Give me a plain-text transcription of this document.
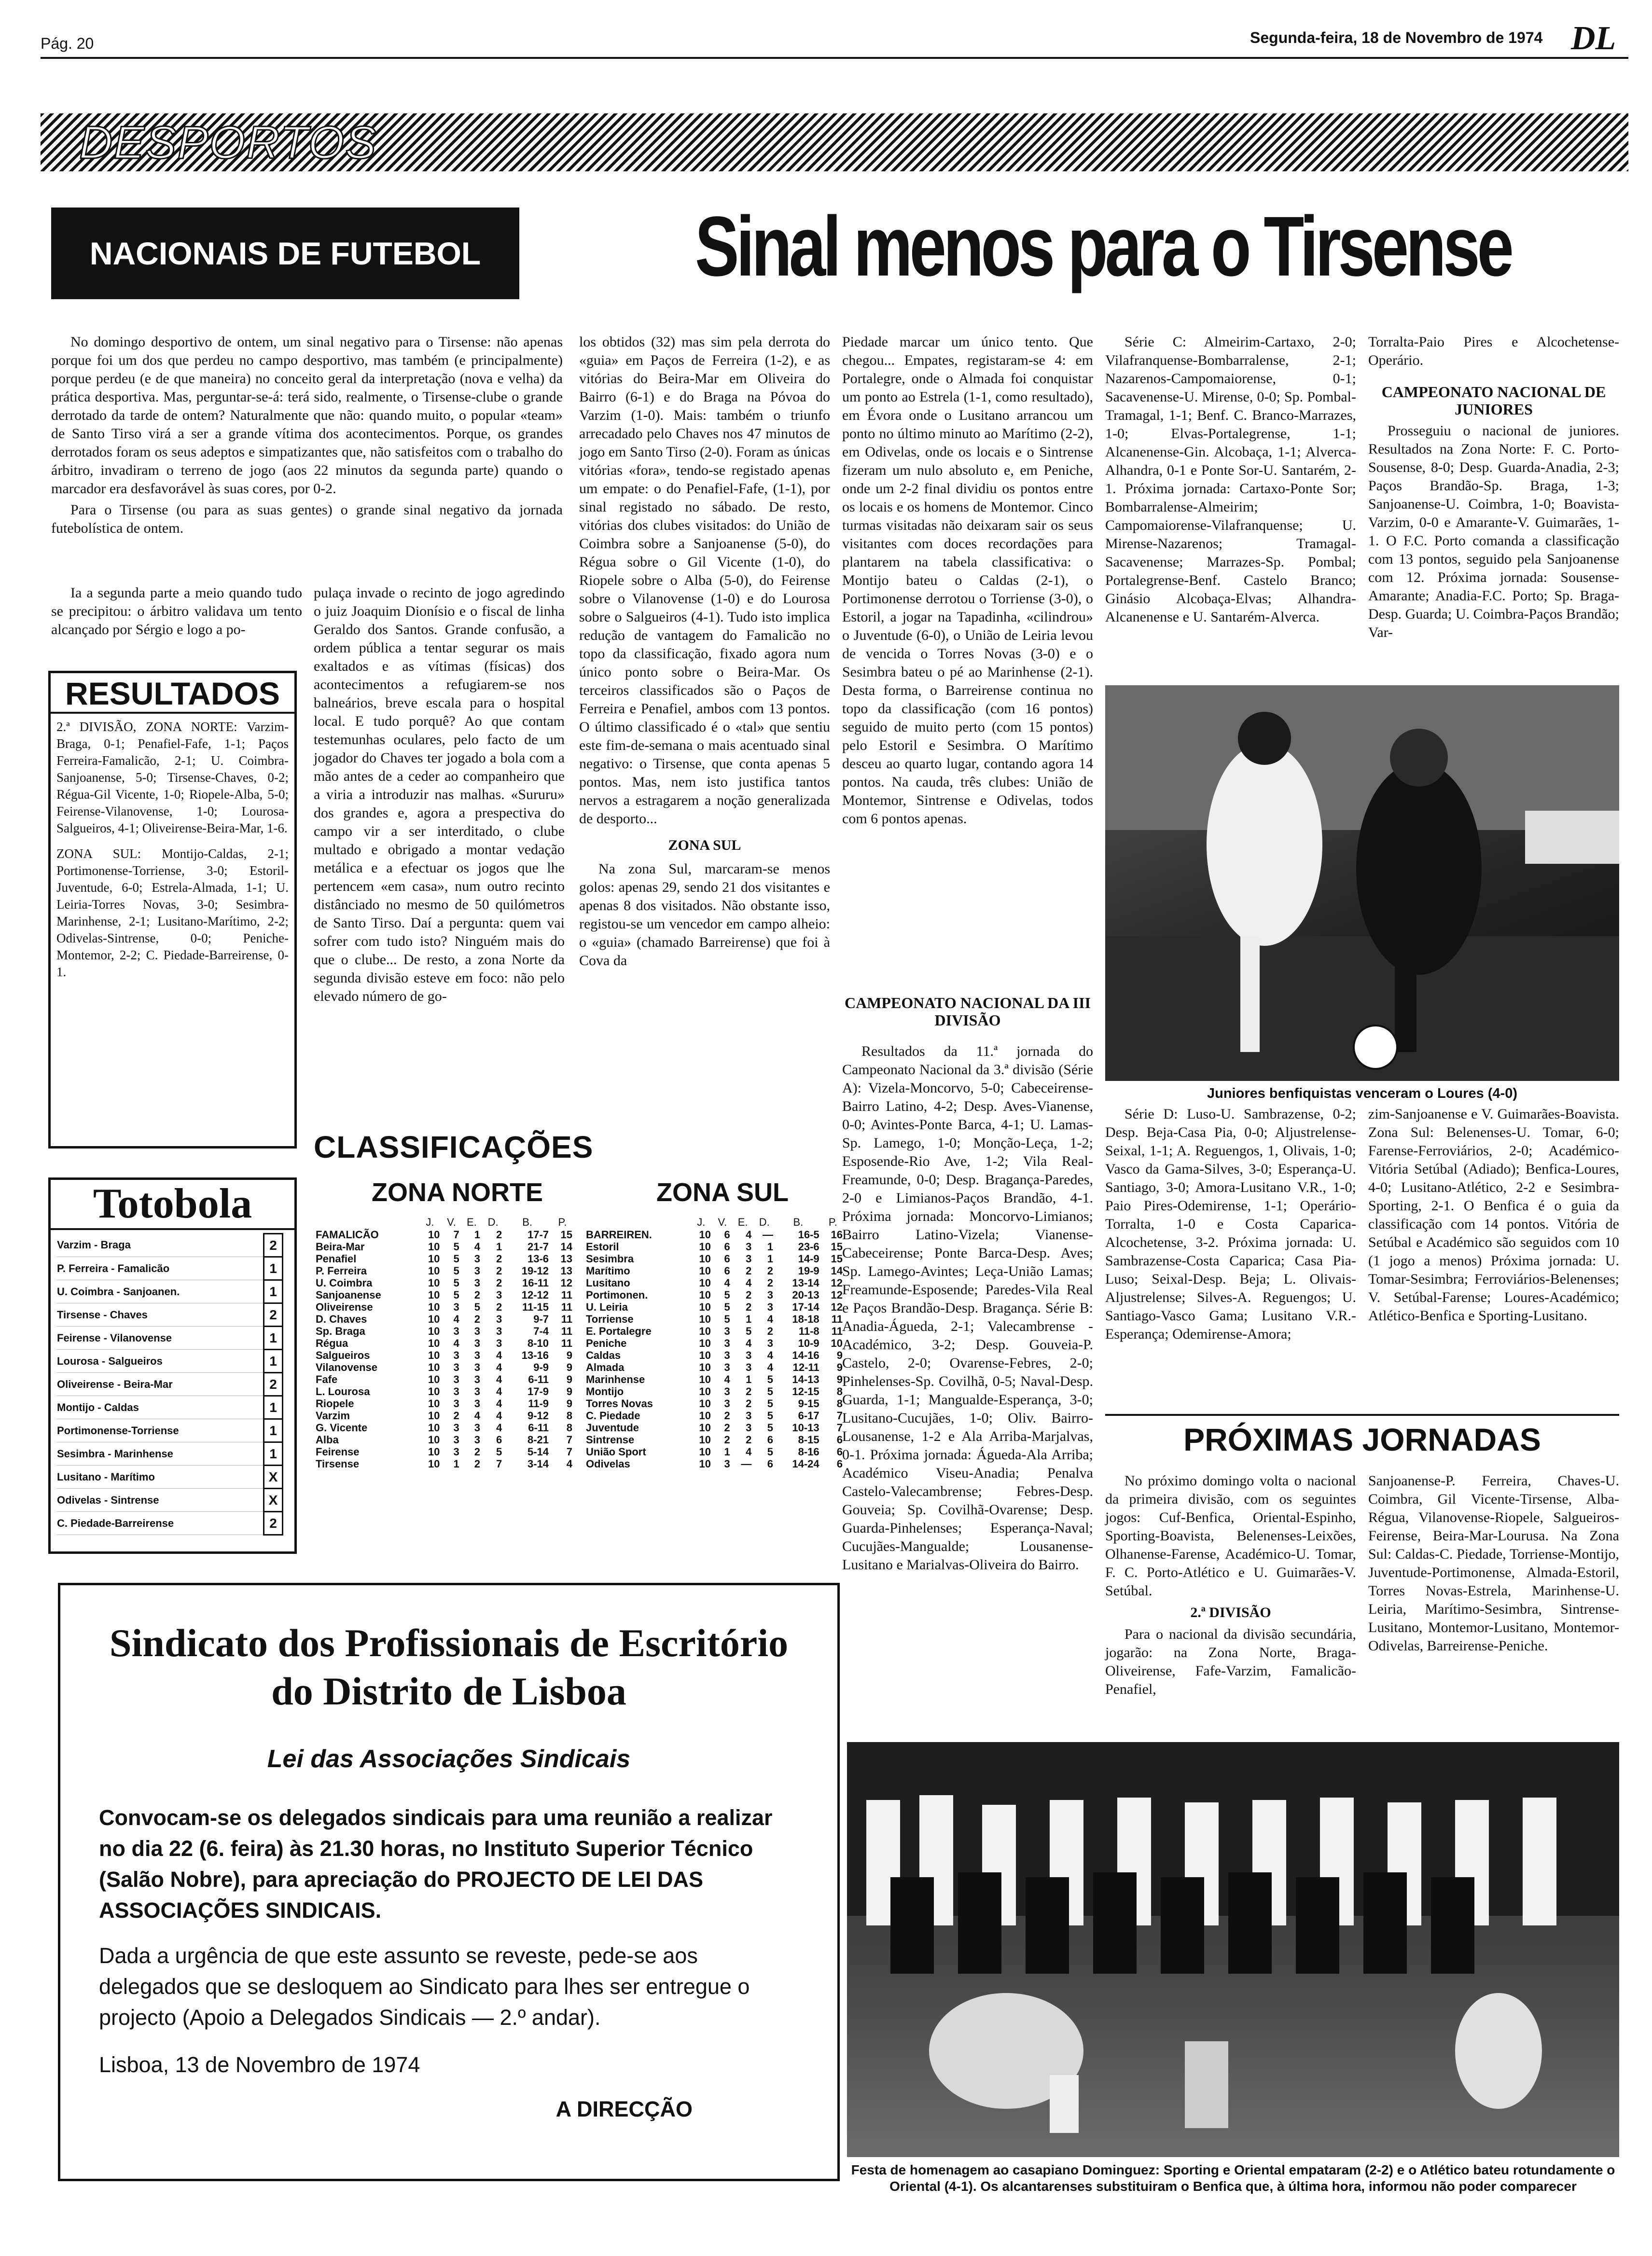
Pág. 20	Segunda-feira, 18 de Novembro de 1974 DL
DESPORTOS
NACIONAIS DE FUTEBOL	Sinal menos para o Tirsense

No domingo desportivo de ontem, um sinal negativo para o Tirsense: não apenas porque foi um dos que perdeu no campo desportivo, mas também (e principalmente) porque perdeu (e de que maneira) no conceito geral da interpretação (nova e velha) da prática desportiva. Mas, perguntar-se-á: terá sido, realmente, o Tirsense-clube o grande derrotado da tarde de ontem? Naturalmente que não: quando muito, o popular «team» de Santo Tirso virá a ser a grande vítima dos acontecimentos. Porque, os grandes derrotados foram os seus adeptos e simpatizantes que, não satisfeitos com o trabalho do árbitro, invadiram o terreno de jogo (aos 22 minutos da segunda parte) quando o marcador era desfavorável às suas cores, por 0-2.

Para o Tirsense (ou para as suas gentes) o grande sinal negativo da jornada futebolística de ontem.

Ia a segunda parte a meio quando tudo se precipitou: o árbitro validava um tento alcançado por Sérgio e logo a po-

RESULTADOS
2.ª DIVISÃO, ZONA NORTE: Varzim-Braga, 0-1; Penafiel-Fafe, 1-1; Paços Ferreira-Famalicão, 2-1; U. Coimbra-Sanjoanense, 5-0; Tirsense-Chaves, 0-2; Régua-Gil Vicente, 1-0; Riopele-Alba, 5-0; Feirense-Vilanovense, 1-0; Lourosa-Salgueiros, 4-1; Oliveirense-Beira-Mar, 1-6.
ZONA SUL: Montijo-Caldas, 2-1; Portimonense-Torriense, 3-0; Estoril-Juventude, 6-0; Estrela-Almada, 1-1; U. Leiria-Torres Novas, 3-0; Sesimbra-Marinhense, 2-1; Lusitano-Marítimo, 2-2; Odivelas-Sintrense, 0-0; Peniche-Montemor, 2-2; C. Piedade-Barreirense, 0-1.

pulaça invade o recinto de jogo agredindo o juiz Joaquim Dionísio e o fiscal de linha Geraldo dos Santos. Grande confusão, a ordem pública a tentar segurar os mais exaltados e as vítimas (físicas) dos acontecimentos a refugiarem-se nos balneários, breve escala para o hospital local. E tudo porquê? Ao que contam testemunhas oculares, pelo facto de um jogador do Chaves ter jogado a bola com a mão antes de a ceder ao companheiro que a viria a introduzir nas malhas. «Sururu» dos grandes e, agora a prespectiva do campo vir a ser interditado, o clube multado e obrigado a montar vedação metálica e a efectuar os jogos que lhe pertencem «em casa», num outro recinto distânciado no mesmo de 50 quilómetros de Santo Tirso. Daí a pergunta: quem vai sofrer com tudo isto? Ninguém mais do que o clube... De resto, a zona Norte da segunda divisão esteve em foco: não pelo elevado número de go-

los obtidos (32) mas sim pela derrota do «guia» em Paços de Ferreira (1-2), e as vitórias do Beira-Mar em Oliveira do Bairro (6-1) e do Braga na Póvoa do Varzim (1-0). Mais: também o triunfo arrecadado pelo Chaves nos 47 minutos de jogo em Santo Tirso (2-0). Foram as únicas vitórias «fora», tendo-se registado apenas um empate: o do Penafiel-Fafe, (1-1), por sinal registado no sábado. De resto, vitórias dos clubes visitados: do União de Coimbra sobre a Sanjoanense (5-0), do Régua sobre o Gil Vicente (1-0), do Riopele sobre o Alba (5-0), do Feirense sobre o Vilanovense (1-0) e do Lourosa sobre o Salgueiros (4-1). Tudo isto implica redução de vantagem do Famalicão no topo da classificação, fixado agora num único ponto sobre o Beira-Mar. Os terceiros classificados são o Paços de Ferreira e Penafiel, ambos com 13 pontos. O último classificado é o «tal» que sentiu este fim-de-semana o mais acentuado sinal negativo: o Tirsense, que conta apenas 5 pontos. Mas, nem isto justifica tantos nervos a estragarem a noção generalizada de desporto...

ZONA SUL

Na zona Sul, marcaram-se menos golos: apenas 29, sendo 21 dos visitantes e apenas 8 dos visitados. Não obstante isso, registou-se um vencedor em campo alheio: o «guia» (chamado Barreirense) que foi à Cova da

Piedade marcar um único tento. Que chegou... Empates, registaram-se 4: em Portalegre, onde o Almada foi conquistar um ponto ao Estrela (1-1, como resultado), em Évora onde o Lusitano arrancou um ponto no último minuto ao Marítimo (2-2), em Odivelas, onde os locais e o Sintrense fizeram um nulo absoluto e, em Peniche, onde um 2-2 final dividiu os pontos entre os locais e os homens de Montemor. Cinco turmas visitadas não deixaram sair os seus visitantes com doces recordações para plantarem na tabela classificativa: o Montijo bateu o Caldas (2-1), o Portimonense derrotou o Torriense (3-0), o Estoril, a jogar na Tapadinha, «cilindrou» o Juventude (6-0), o União de Leiria levou de vencida o Torres Novas (3-0) e o Sesimbra bateu o pé ao Marinhense (2-1). Desta forma, o Barreirense continua no topo da classificação (com 16 pontos) seguido de muito perto (com 15 pontos) pelo Estoril e Sesimbra. O Marítimo desceu ao quarto lugar, contando agora 14 pontos. Na cauda, três clubes: União de Montemor, Sintrense e Odivelas, todos com 6 pontos apenas.

Série C: Almeirim-Cartaxo, 2-0; Vilafranquense-Bombarralense, 2-1; Nazarenos-Campomaiorense, 0-1; Sacavenense-U. Mirense, 0-0; Sp. Pombal-Tramagal, 1-1; Benf. C. Branco-Marrazes, 1-0; Elvas-Portalegrense, 1-1; Alcanenense-Gin. Alcobaça, 1-1; Alverca-Alhandra, 0-1 e Ponte Sor-U. Santarém, 2-1. Próxima jornada: Cartaxo-Ponte Sor; Bombarralense-Almeirim; Campomaiorense-Vilafranquense; U. Mirense-Nazarenos; Tramagal-Sacavenense; Marrazes-Sp. Pombal; Portalegrense-Benf. Castelo Branco; Ginásio Alcobaça-Elvas; Alhandra-Alcanenense e U. Santarém-Alverca.

Torralta-Paio Pires e Alcochetense-Operário.

CAMPEONATO NACIONAL DE JUNIORES

Prosseguiu o nacional de juniores. Resultados na Zona Norte: F. C. Porto-Sousense, 8-0; Desp. Guarda-Anadia, 2-3; Paços Brandão-Sp. Braga, 1-3; Sanjoanense-U. Coimbra, 1-0; Boavista-Varzim, 0-0 e Amarante-V. Guimarães, 1-1. O F.C. Porto comanda a classificação com 13 pontos, seguido pela Sanjoanense com 12. Próxima jornada: Sousense-Amarante; Anadia-F.C. Porto; Sp. Braga-Desp. Guarda; U. Coimbra-Paços Brandão; Var-

Juniores benfiquistas venceram o Loures (4-0)
CLASSIFICAÇÕES
ZONA NORTE	ZONA SUL
	J.	V.	E.	D.	B.	P.
FAMALICÃO	10	7	1	2	17-7	15
Beira-Mar	10	5	4	1	21-7	14
Penafiel	10	5	3	2	13-6	13
P. Ferreira	10	5	3	2	19-12	13
U. Coimbra	10	5	3	2	16-11	12
Sanjoanense	10	5	2	3	12-12	11
Oliveirense	10	3	5	2	11-15	11
D. Chaves	10	4	2	3	9-7	11
Sp. Braga	10	3	3	3	7-4	11
Régua	10	4	3	3	8-10	11
Salgueiros	10	3	3	4	13-16	9
Vilanovense	10	3	3	4	9-9	9
Fafe	10	3	3	4	6-11	9
L. Lourosa	10	3	3	4	17-9	9
Riopele	10	3	3	4	11-9	9
Varzim	10	2	4	4	9-12	8
G. Vicente	10	3	3	4	6-11	8
Alba	10	3	3	6	8-21	7
Feirense	10	3	2	5	5-14	7
Tirsense	10	1	2	7	3-14	4
	J.	V.	E.	D.	B.	P.
BARREIREN.	10	6	4	—	16-5	16
Estoril	10	6	3	1	23-6	15
Sesimbra	10	6	3	1	14-9	15
Marítimo	10	6	2	2	19-9	14
Lusitano	10	4	4	2	13-14	12
Portimonen.	10	5	2	3	20-13	12
U. Leiria	10	5	2	3	17-14	12
Torriense	10	5	1	4	18-18	11
E. Portalegre	10	3	5	2	11-8	11
Peniche	10	3	4	3	10-9	10
Caldas	10	3	3	4	14-16	9
Almada	10	3	3	4	12-11	9
Marinhense	10	4	1	5	14-13	9
Montijo	10	3	2	5	12-15	8
Torres Novas	10	3	2	5	9-15	8
C. Piedade	10	2	3	5	6-17	7
Juventude	10	2	3	5	10-13	7
Sintrense	10	2	2	6	8-15	6
União Sport	10	1	4	5	8-16	6
Odivelas	10	3	—	6	14-24	6
Totobola
Varzim - Braga	2
P. Ferreira - Famalicão	1
U. Coimbra - Sanjoanen.	1
Tirsense - Chaves	2
Feirense - Vilanovense	1
Lourosa - Salgueiros	1
Oliveirense - Beira-Mar	2
Montijo - Caldas	1
Portimonense-Torriense	1
Sesimbra - Marinhense	1
Lusitano - Marítimo	X
Odivelas - Sintrense	X
C. Piedade-Barreirense	2
PRÓXIMAS JORNADAS

No próximo domingo volta o nacional da primeira divisão, com os seguintes jogos: Cuf-Benfica, Oriental-Espinho, Sporting-Boavista, Belenenses-Leixões, Olhanense-Farense, Académico-U. Tomar, F. C. Porto-Atlético e U. Guimarães-V. Setúbal.

2.ª DIVISÃO

Para o nacional da divisão secundária, jogarão: na Zona Norte, Braga-Oliveirense, Fafe-Varzim, Famalicão-Penafiel,

Sanjoanense-P. Ferreira, Chaves-U. Coimbra, Gil Vicente-Tirsense, Alba-Régua, Vilanovense-Riopele, Salgueiros-Feirense, Beira-Mar-Lourusa. Na Zona Sul: Caldas-C. Piedade, Torriense-Montijo, Juventude-Portimonense, Almada-Estoril, Torres Novas-Estrela, Marinhense-U. Leiria, Marítimo-Sesimbra, Sintrense-Lusitano, Montemor-Lusitano, Montemor-Odivelas, Barreirense-Peniche.

CAMPEONATO NACIONAL DA III DIVISÃO

Resultados da 11.ª jornada do Campeonato Nacional da 3.ª divisão (Série A): Vizela-Moncorvo, 5-0; Cabeceirense-Bairro Latino, 4-2; Desp. Aves-Vianense, 0-0; Avintes-Ponte Barca, 4-1; U. Lamas-Sp. Lamego, 1-0; Monção-Leça, 1-2; Esposende-Rio Ave, 1-2; Vila Real-Freamunde, 0-0; Desp. Bragança-Paredes, 2-0 e Limianos-Paços Brandão, 4-1. Próxima jornada: Moncorvo-Limianos; Bairro Latino-Vizela; Vianense-Cabeceirense; Ponte Barca-Desp. Aves; Sp. Lamego-Avintes; Leça-União Lamas; Freamunde-Esposende; Paredes-Vila Real e Paços Brandão-Desp. Bragança. Série B: Anadia-Águeda, 2-1; Valecambrense - Académico, 3-2; Desp. Gouveia-P. Castelo, 2-0; Ovarense-Febres, 2-0; Pinhelenses-Sp. Covilhã, 0-5; Naval-Desp. Guarda, 1-1; Mangualde-Esperança, 3-0; Lusitano-Cucujães, 1-0; Oliv. Bairro-Lousanense, 1-2 e Ala Arriba-Marjalvas, 0-1. Próxima jornada: Águeda-Ala Arriba; Académico Viseu-Anadia; Penalva Castelo-Valecambrense; Febres-Desp. Gouveia; Sp. Covilhã-Ovarense; Desp. Guarda-Pinhelenses; Esperança-Naval; Cucujães-Mangualde; Lousanense-Lusitano e Marialvas-Oliveira do Bairro.

Série D: Luso-U. Sambrazense, 0-2; Desp. Beja-Casa Pia, 0-0; Aljustrelense-Seixal, 1-1; A. Reguengos, 1, Olivais, 1-0; Vasco da Gama-Silves, 3-0; Esperança-U. Santiago, 3-0; Amora-Lusitano V.R., 1-0; Paio Pires-Odemirense, 1-1; Operário-Torralta, 1-0 e Costa Caparica-Alcochetense, 3-2. Próxima jornada: U. Sambrazense-Costa Caparica; Casa Pia-Luso; Seixal-Desp. Beja; L. Olivais-Aljustrelense; Silves-A. Reguengos; U. Santiago-Vasco Gama; Lusitano V.R.-Esperança; Odemirense-Amora;

zim-Sanjoanense e V. Guimarães-Boavista. Zona Sul: Belenenses-U. Tomar, 6-0; Farense-Ferroviários, 2-0; Académico-Vitória Setúbal (Adiado); Benfica-Loures, 4-0; Lusitano-Atlético, 2-2 e Sesimbra-Sporting, 2-1. O Benfica é o guia da classificação com 14 pontos. Vitória de Setúbal e Académico são seguidos com 10 (1 jogo a menos) Próxima jornada: U. Tomar-Sesimbra; Ferroviários-Belenenses; V. Setúbal-Farense; Loures-Académico; Atlético-Benfica e Sporting-Lusitano.

Festa de homenagem ao casapiano Dominguez: Sporting e Oriental empataram (2-2) e o Atlético bateu rotundamente o Oriental (4-1). Os alcantarenses substituiram o Benfica que, à última hora, informou não poder comparecer
Sindicato dos Profissionais de Escritório
do Distrito de Lisboa
Lei das Associações Sindicais
Convocam-se os delegados sindicais para uma reunião a realizar no dia 22 (6. feira) às 21.30 horas, no Instituto Superior Técnico (Salão Nobre), para apreciação do PROJECTO DE LEI DAS ASSOCIAÇÕES SINDICAIS.
Dada a urgência de que este assunto se reveste, pede-se aos delegados que se desloquem ao Sindicato para lhes ser entregue o projecto (Apoio a Delegados Sindicais — 2.º andar).
Lisboa, 13 de Novembro de 1974
A DIRECÇÃO
